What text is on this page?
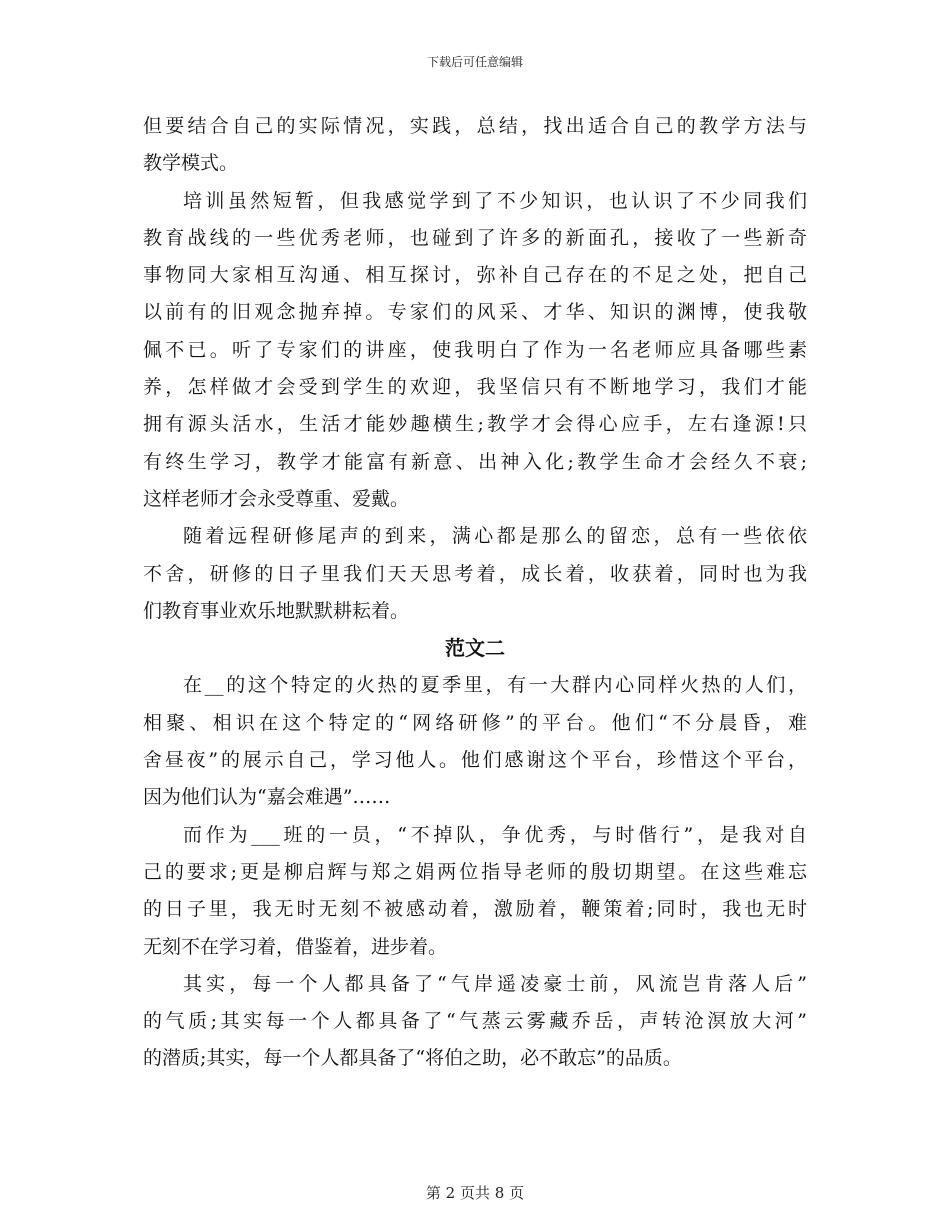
下载后可任意编辑
但要结合自己的实际情况，实践，总结，找出适合自己的教学方法与
教学模式。
培训虽然短暂，但我感觉学到了不少知识，也认识了不少同我们
教育战线的一些优秀老师，也碰到了许多的新面孔，接收了一些新奇
事物同大家相互沟通、相互探讨，弥补自己存在的不足之处，把自己
以前有的旧观念抛弃掉。专家们的风采、才华、知识的渊博，使我敬
佩不已。听了专家们的讲座，使我明白了作为一名老师应具备哪些素
养，怎样做才会受到学生的欢迎，我坚信只有不断地学习，我们才能
拥有源头活水，生活才能妙趣横生;教学才会得心应手，左右逢源!只
有终生学习，教学才能富有新意、出神入化;教学生命才会经久不衰;
这样老师才会永受尊重、爱戴。
随着远程研修尾声的到来，满心都是那么的留恋，总有一些依依
不舍，研修的日子里我们天天思考着，成长着，收获着，同时也为我
们教育事业欢乐地默默耕耘着。
范文二
在__的这个特定的火热的夏季里，有一大群内心同样火热的人们，
相聚、相识在这个特定的“网络研修”的平台。他们“不分晨昏，难
舍昼夜”的展示自己，学习他人。他们感谢这个平台，珍惜这个平台，
因为他们认为“嘉会难遇”……
而作为___班的一员，“不掉队，争优秀，与时偕行”，是我对自
己的要求;更是柳启辉与郑之娟两位指导老师的殷切期望。在这些难忘
的日子里，我无时无刻不被感动着，激励着，鞭策着;同时，我也无时
无刻不在学习着，借鉴着，进步着。
其实，每一个人都具备了“气岸遥凌豪士前，风流岂肯落人后”
的气质;其实每一个人都具备了“气蒸云雾藏乔岳，声转沧溟放大河”
的潜质;其实，每一个人都具备了“将伯之助，必不敢忘”的品质。
第 2 页共 8 页
